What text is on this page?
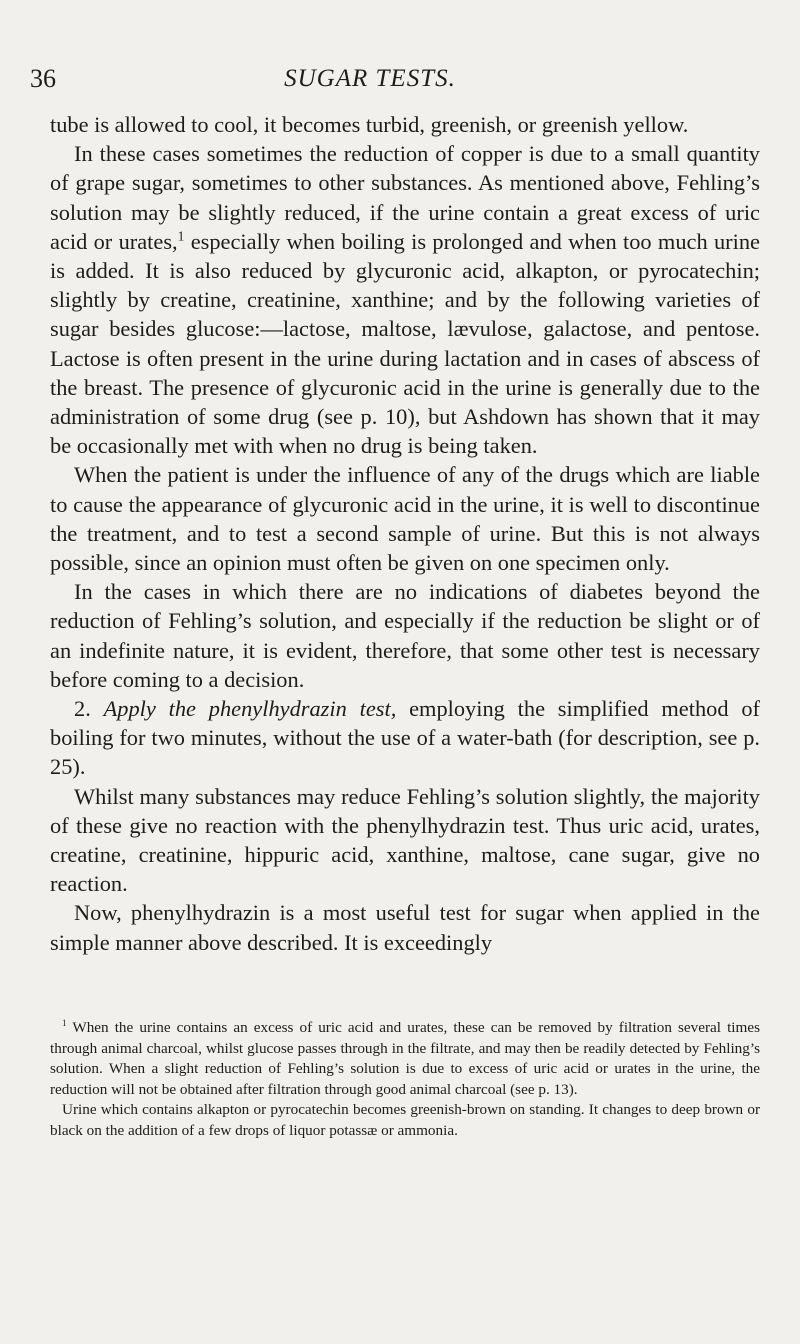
36	SUGAR TESTS.

tube is allowed to cool, it becomes turbid, greenish, or greenish yellow.

In these cases sometimes the reduction of copper is due to a small quantity of grape sugar, sometimes to other substances. As mentioned above, Fehling’s solution may be slightly reduced, if the urine contain a great excess of uric acid or urates,$^1$ especially when boiling is prolonged and when too much urine is added. It is also reduced by glycuronic acid, alkapton, or pyrocatechin; slightly by creatine, creatinine, xanthine; and by the following varieties of sugar besides glucose:—lactose, maltose, lævulose, galactose, and pentose. Lactose is often present in the urine during lactation and in cases of abscess of the breast. The presence of glycuronic acid in the urine is generally due to the administration of some drug (see p. 10), but Ashdown has shown that it may be occasionally met with when no drug is being taken.

When the patient is under the influence of any of the drugs which are liable to cause the appearance of glycuronic acid in the urine, it is well to discontinue the treatment, and to test a second sample of urine. But this is not always possible, since an opinion must often be given on one specimen only.

In the cases in which there are no indications of diabetes beyond the reduction of Fehling’s solution, and especially if the reduction be slight or of an indefinite nature, it is evident, therefore, that some other test is necessary before coming to a decision.

2. Apply the phenylhydrazin test, employing the simplified method of boiling for two minutes, without the use of a water-bath (for description, see p. 25).

Whilst many substances may reduce Fehling’s solution slightly, the majority of these give no reaction with the phenylhydrazin test. Thus uric acid, urates, creatine, creatinine, hippuric acid, xanthine, maltose, cane sugar, give no reaction.

Now, phenylhydrazin is a most useful test for sugar when applied in the simple manner above described. It is exceedingly

$^1$ When the urine contains an excess of uric acid and urates, these can be removed by filtration several times through animal charcoal, whilst glucose passes through in the filtrate, and may then be readily detected by Fehling’s solution. When a slight reduction of Fehling’s solution is due to excess of uric acid or urates in the urine, the reduction will not be obtained after filtration through good animal charcoal (see p. 13).

Urine which contains alkapton or pyrocatechin becomes greenish-brown on standing. It changes to deep brown or black on the addition of a few drops of liquor potassæ or ammonia.
